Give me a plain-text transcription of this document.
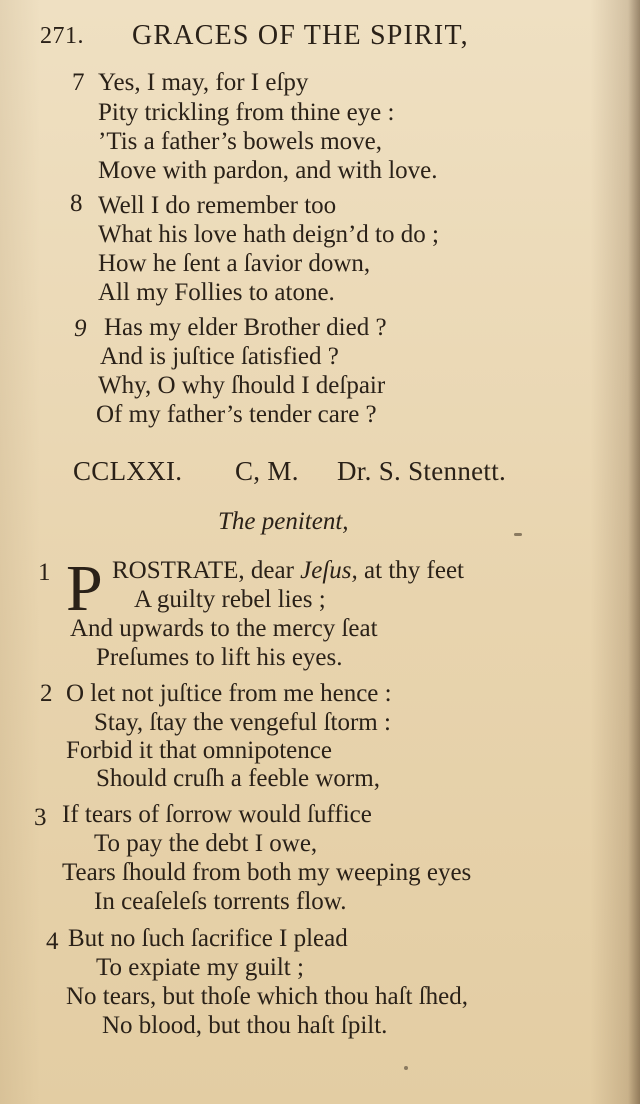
271. GRACES OF THE SPIRIT,
7 Yes, I may, for I eſpy
Pity trickling from thine eye :
’Tis a father’s bowels move,
Move with pardon, and with love.
8 Well I do remember too
What his love hath deign’d to do ;
How he ſent a ſavior down,
All my Follies to atone.
9 Has my elder Brother died ?
And is juſtice ſatisfied ?
Why, O why ſhould I deſpair
Of my father’s tender care ?
CCLXXI. C, M. Dr. S. Stennett.
The penitent,
1 P ROSTRATE, dear Jeſus, at thy feet
A guilty rebel lies ;
And upwards to the mercy ſeat
Preſumes to lift his eyes.
2 O let not juſtice from me hence :
Stay, ſtay the vengeful ſtorm :
Forbid it that omnipotence
Should cruſh a feeble worm,
3 If tears of ſorrow would ſuffice
To pay the debt I owe,
Tears ſhould from both my weeping eyes
In ceaſeleſs torrents flow.
4 But no ſuch ſacrifice I plead
To expiate my guilt ;
No tears, but thoſe which thou haſt ſhed,
No blood, but thou haſt ſpilt.
